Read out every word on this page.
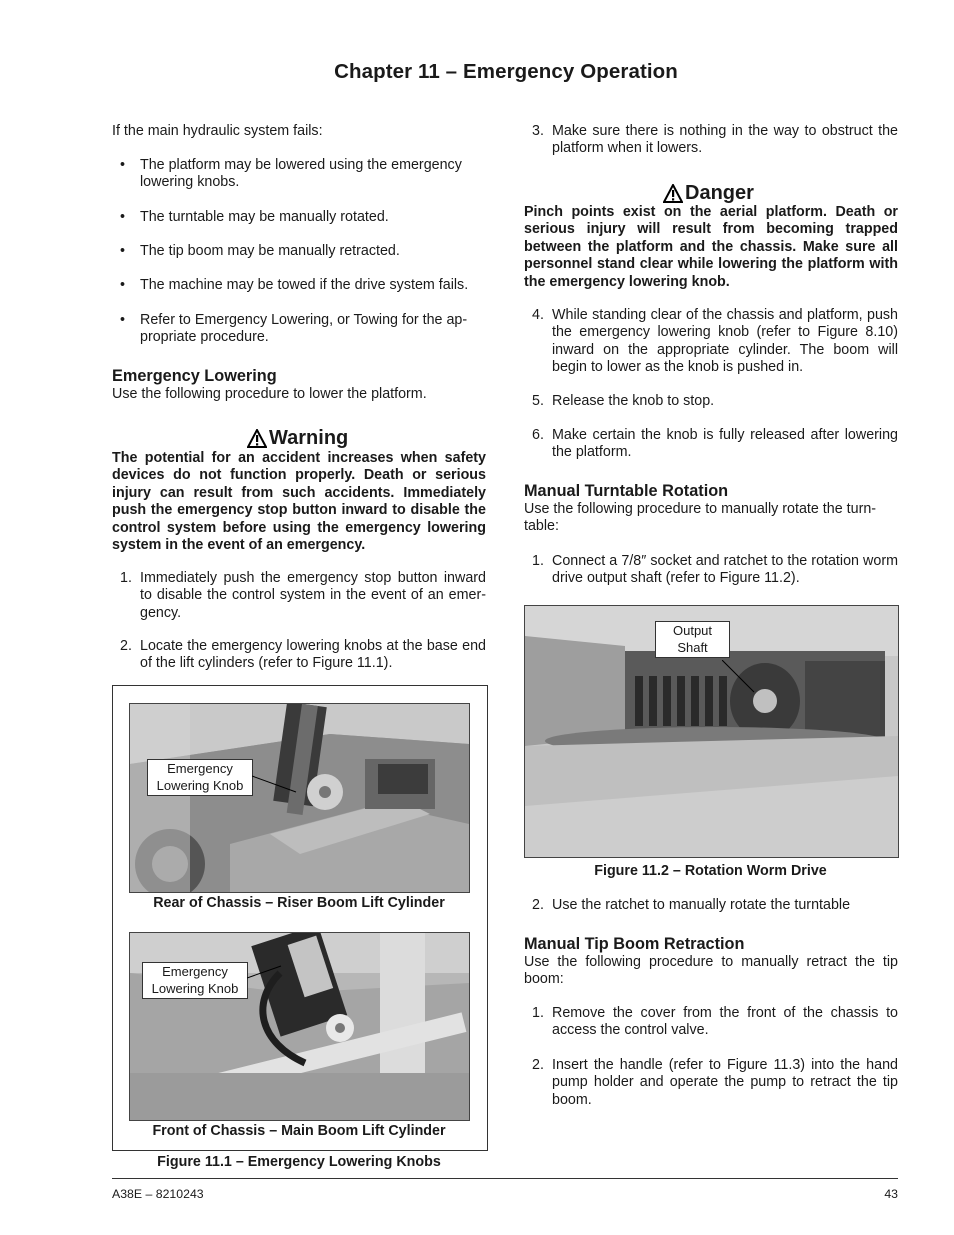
Chapter 11 – Emergency Operation
If the main hydraulic system fails:
• The platform may be lowered using the emergency lowering knobs.
• The turntable may be manually rotated.
• The tip boom may be manually retracted.
• The machine may be towed if the drive system fails.
• Refer to Emergency Lowering, or Towing for the ap-propriate procedure.
Emergency Lowering
Use the following procedure to lower the platform.
Warning
The potential for an accident increases when safety devices do not function properly. Death or serious injury can result from such accidents. Immediately push the emergency stop button inward to disable the control system before using the emergency lowering system in the event of an emergency.
1. Immediately push the emergency stop button inward to disable the control system in the event of an emer-gency.
2. Locate the emergency lowering knobs at the base end of the lift cylinders (refer to Figure 11.1).
Emergency Lowering Knob
Rear of Chassis – Riser Boom Lift Cylinder
Emergency Lowering Knob
Front of Chassis – Main Boom Lift Cylinder
Figure 11.1 – Emergency Lowering Knobs
3. Make sure there is nothing in the way to obstruct the platform when it lowers.
Danger
Pinch points exist on the aerial platform. Death or serious injury will result from becoming trapped between the platform and the chassis. Make sure all personnel stand clear while lowering the platform with the emergency lowering knob.
4. While standing clear of the chassis and platform, push the emergency lowering knob (refer to Figure 8.10) inward on the appropriate cylinder. The boom will begin to lower as the knob is pushed in.
5. Release the knob to stop.
6. Make certain the knob is fully released after lowering the platform.
Manual Turntable Rotation
Use the following procedure to manually rotate the turn-table:
1. Connect a 7/8″ socket and ratchet to the rotation worm drive output shaft (refer to Figure 11.2).
Output Shaft
Figure 11.2 – Rotation Worm Drive
2. Use the ratchet to manually rotate the turntable
Manual Tip Boom Retraction
Use the following procedure to manually retract the tip boom:
1. Remove the cover from the front of the chassis to access the control valve.
2. Insert the handle (refer to Figure 11.3) into the hand pump holder and operate the pump to retract the tip boom.
A38E – 8210243	43
